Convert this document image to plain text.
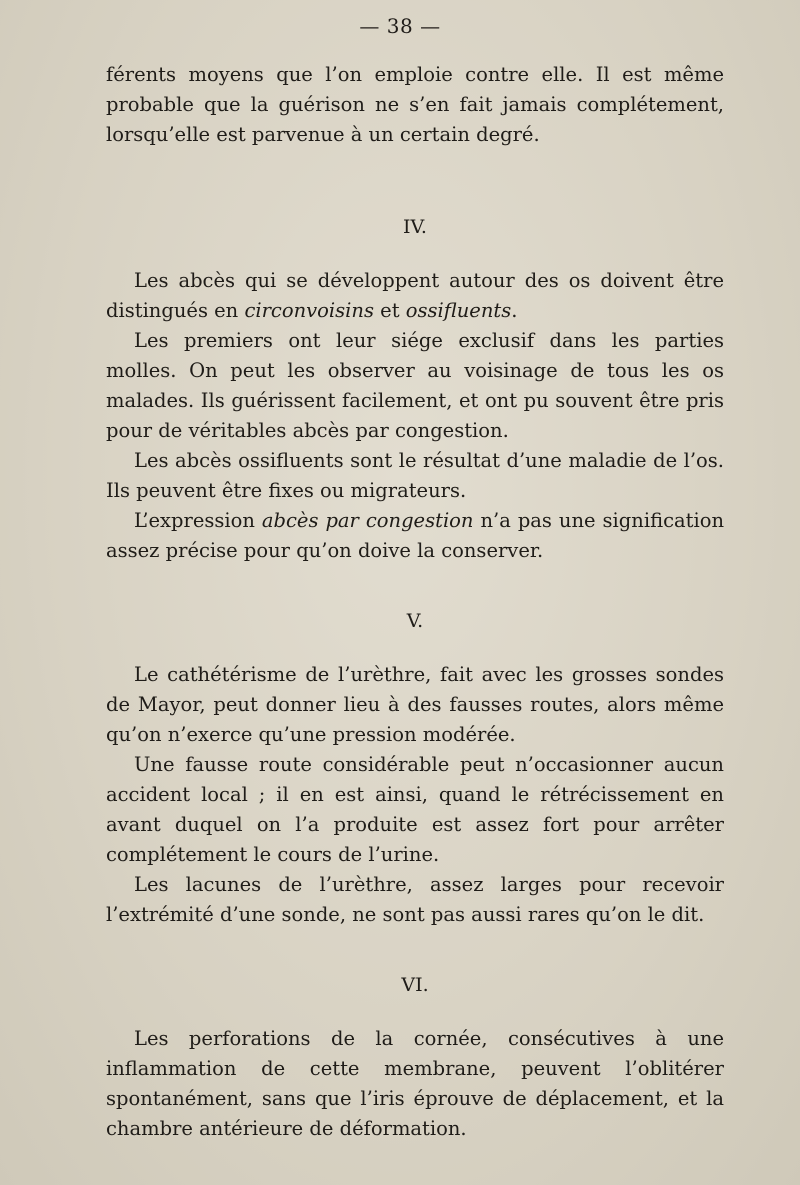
— 38 —

férents moyens que l’on emploie contre elle. Il est même probable que la guérison ne s’en fait jamais complétement, lorsqu’elle est parvenue à un certain degré.

IV.

Les abcès qui se développent autour des os doivent être distingués en circonvoisins et ossifluents.

Les premiers ont leur siége exclusif dans les parties molles. On peut les observer au voisinage de tous les os malades. Ils guérissent facilement, et ont pu souvent être pris pour de véritables abcès par congestion.

Les abcès ossifluents sont le résultat d’une maladie de l’os. Ils peuvent être fixes ou migrateurs.

L’expression abcès par congestion n’a pas une signification assez précise pour qu’on doive la conserver.

V.

Le cathétérisme de l’urèthre, fait avec les grosses sondes de Mayor, peut donner lieu à des fausses routes, alors même qu’on n’exerce qu’une pression modérée.

Une fausse route considérable peut n’occasionner aucun accident local ; il en est ainsi, quand le rétrécissement en avant duquel on l’a produite est assez fort pour arrêter complétement le cours de l’urine.

Les lacunes de l’urèthre, assez larges pour recevoir l’extrémité d’une sonde, ne sont pas aussi rares qu’on le dit.

VI.

Les perforations de la cornée, consécutives à une inflammation de cette membrane, peuvent l’oblitérer spontanément, sans que l’iris éprouve de déplacement, et la chambre antérieure de déformation.
